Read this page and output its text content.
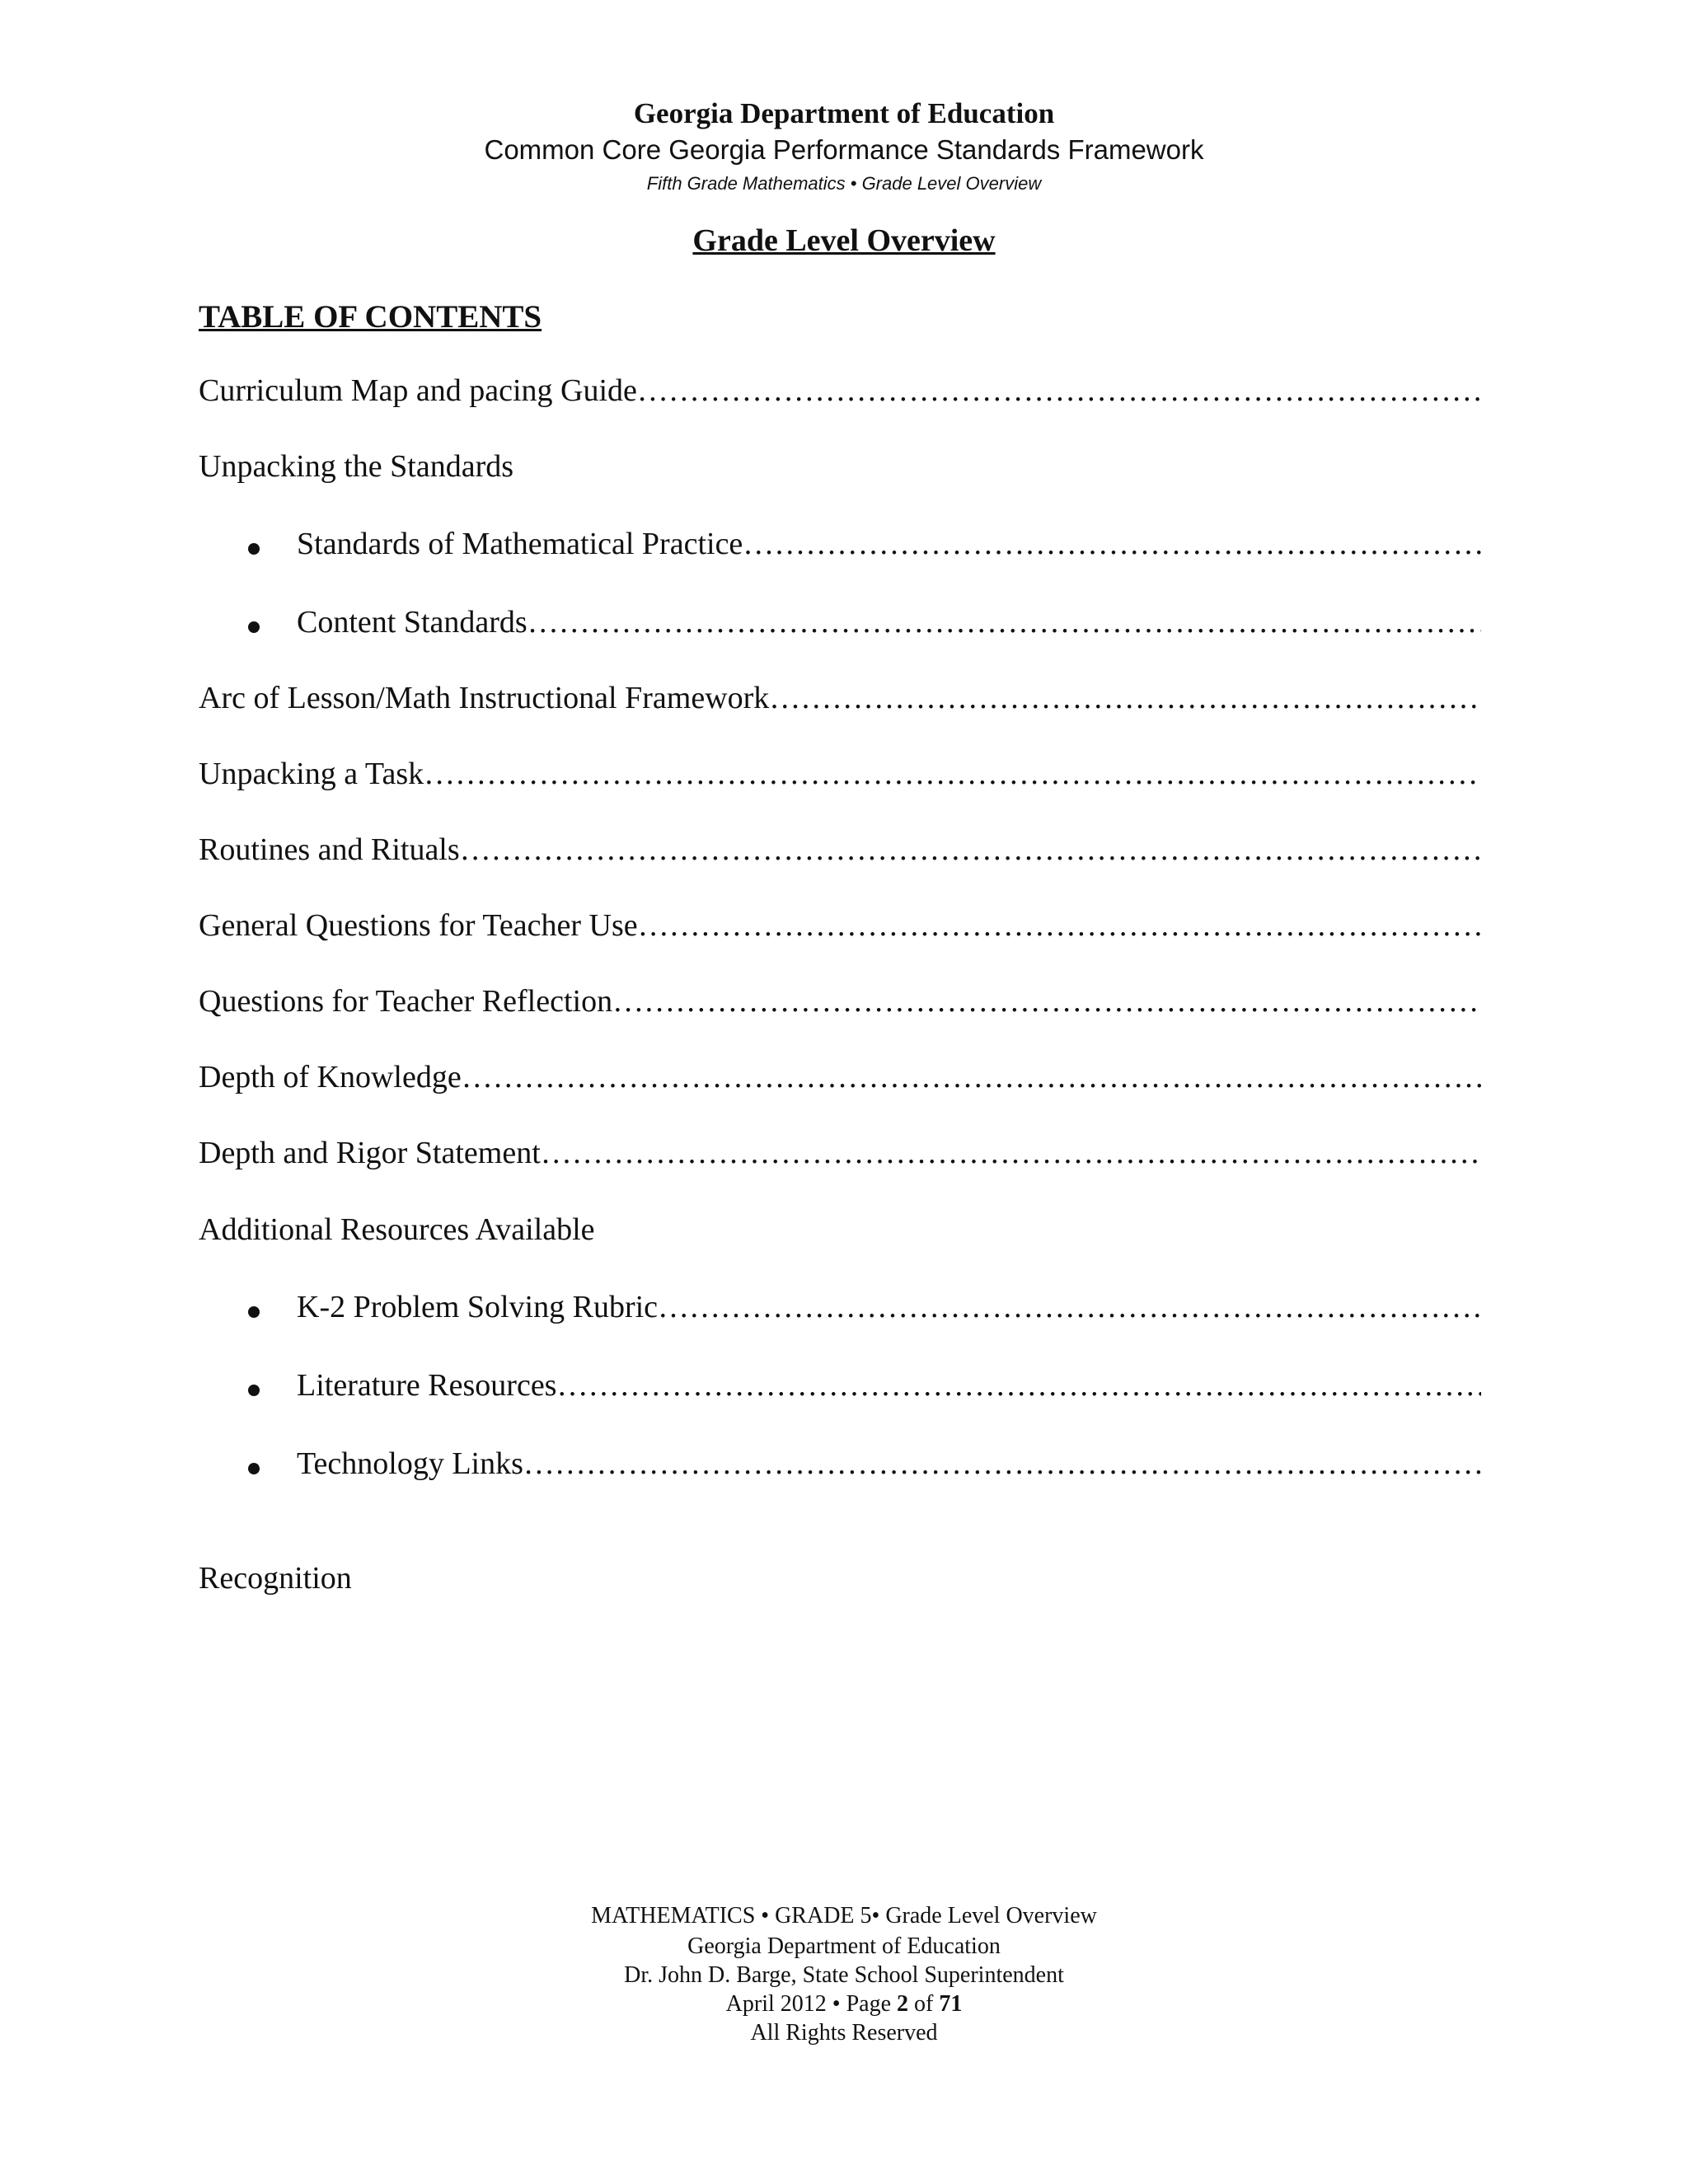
Georgia Department of Education
Common Core Georgia Performance Standards Framework
Fifth Grade Mathematics • Grade Level Overview
Grade Level Overview
TABLE OF CONTENTS
Curriculum Map and pacing Guide
……………………………………………………………………………………………………………………………………………………………………………………………
Unpacking the Standards
Standards of Mathematical Practice
……………………………………………………………………………………………………………………………………………………………………………………………
Content Standards
……………………………………………………………………………………………………………………………………………………………………………………………
Arc of Lesson/Math Instructional Framework
……………………………………………………………………………………………………………………………………………………………………………………………
Unpacking a Task
……………………………………………………………………………………………………………………………………………………………………………………………
Routines and Rituals
……………………………………………………………………………………………………………………………………………………………………………………………
General Questions for Teacher Use
……………………………………………………………………………………………………………………………………………………………………………………………
Questions for Teacher Reflection
……………………………………………………………………………………………………………………………………………………………………………………………
Depth of Knowledge
……………………………………………………………………………………………………………………………………………………………………………………………
Depth and Rigor Statement
……………………………………………………………………………………………………………………………………………………………………………………………
Additional Resources Available
K-2 Problem Solving Rubric
……………………………………………………………………………………………………………………………………………………………………………………………
Literature Resources
……………………………………………………………………………………………………………………………………………………………………………………………
Technology Links
……………………………………………………………………………………………………………………………………………………………………………………………
Recognition
MATHEMATICS • GRADE 5• Grade Level Overview
Georgia Department of Education
Dr. John D. Barge, State School Superintendent
April 2012 • Page 2 of 71
All Rights Reserved
